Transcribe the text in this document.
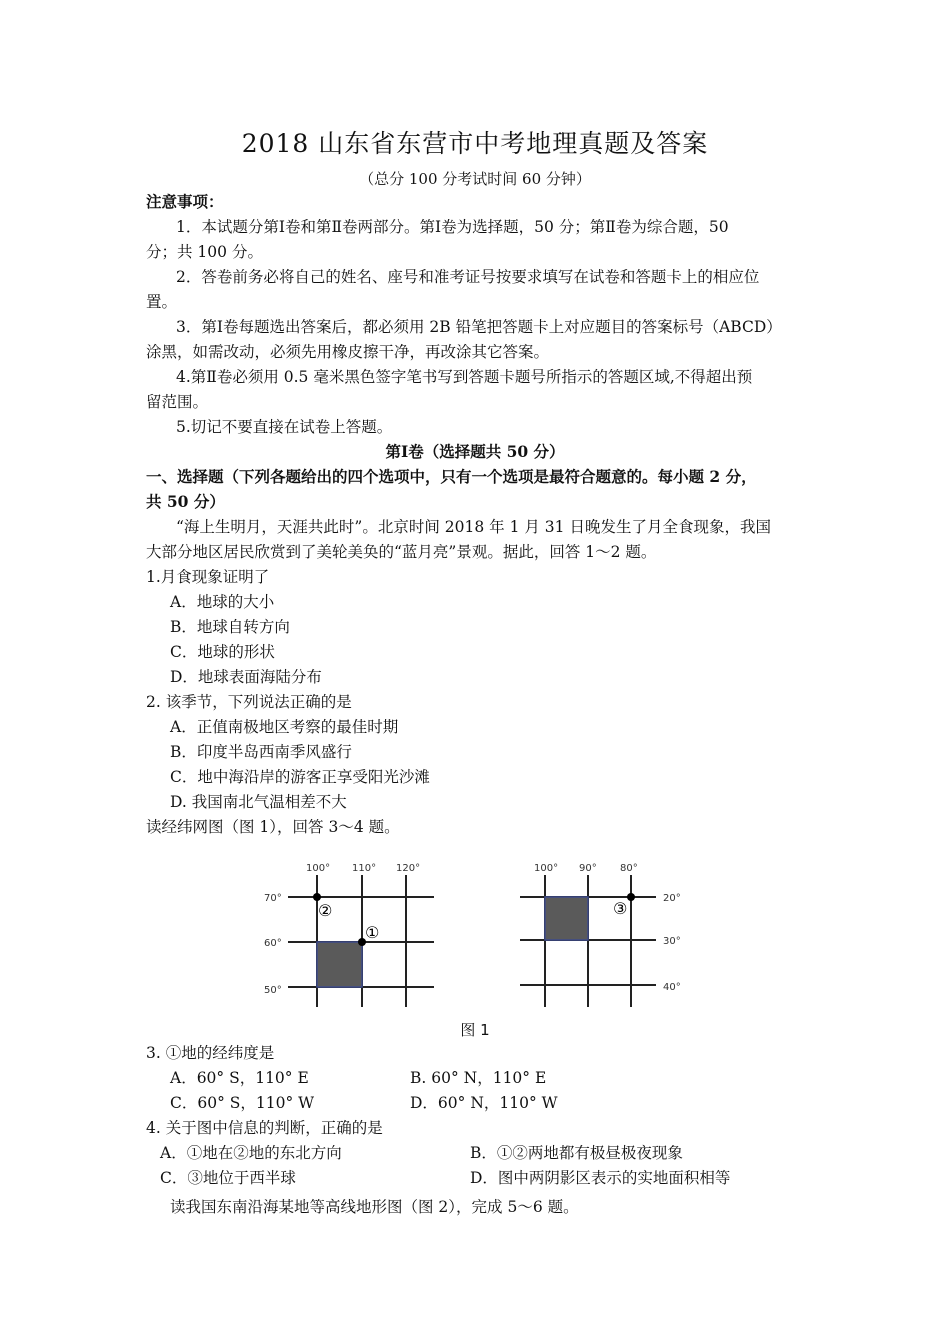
2018 山东省东营市中考地理真题及答案
（总分 100 分考试时间 60 分钟）
注意事项：
1．本试题分第Ⅰ卷和第Ⅱ卷两部分。第Ⅰ卷为选择题，50 分；第Ⅱ卷为综合题，50
分；共 100 分。
2．答卷前务必将自己的姓名、座号和准考证号按要求填写在试卷和答题卡上的相应位
置。
3．第Ⅰ卷每题选出答案后，都必须用 2B 铅笔把答题卡上对应题目的答案标号（ABCD）
涂黑，如需改动，必须先用橡皮擦干净，再改涂其它答案。
4.第Ⅱ卷必须用 0.5 毫米黑色签字笔书写到答题卡题号所指示的答题区域,不得超出预
留范围。
5.切记不要直接在试卷上答题。
第Ⅰ卷（选择题共 50 分）
一、选择题（下列各题给出的四个选项中，只有一个选项是最符合题意的。每小题 2 分，
共 50 分）
“海上生明月，天涯共此时”。北京时间 2018 年 1 月 31 日晚发生了月全食现象，我国
大部分地区居民欣赏到了美轮美奂的“蓝月亮”景观。据此，回答 1～2 题。
1.月食现象证明了
A．地球的大小
B．地球自转方向
C．地球的形状
D．地球表面海陆分布
2. 该季节，下列说法正确的是
A．正值南极地区考察的最佳时期
B．印度半岛西南季风盛行
C．地中海沿岸的游客正享受阳光沙滩
D. 我国南北气温相差不大
读经纬网图（图 1），回答 3～4 题。
100° 110° 120°
70°
60°
50°
②
①
100° 90° 80°
20°
30°
40°
③
图 1
3. ①地的经纬度是
A．60° S，110° E	B. 60° N，110° E
C．60° S，110° W	D．60° N，110° W
4. 关于图中信息的判断，正确的是
A．①地在②地的东北方向	B．①②两地都有极昼极夜现象
C．③地位于西半球	D．图中两阴影区表示的实地面积相等
读我国东南沿海某地等高线地形图（图 2），完成 5～6 题。
